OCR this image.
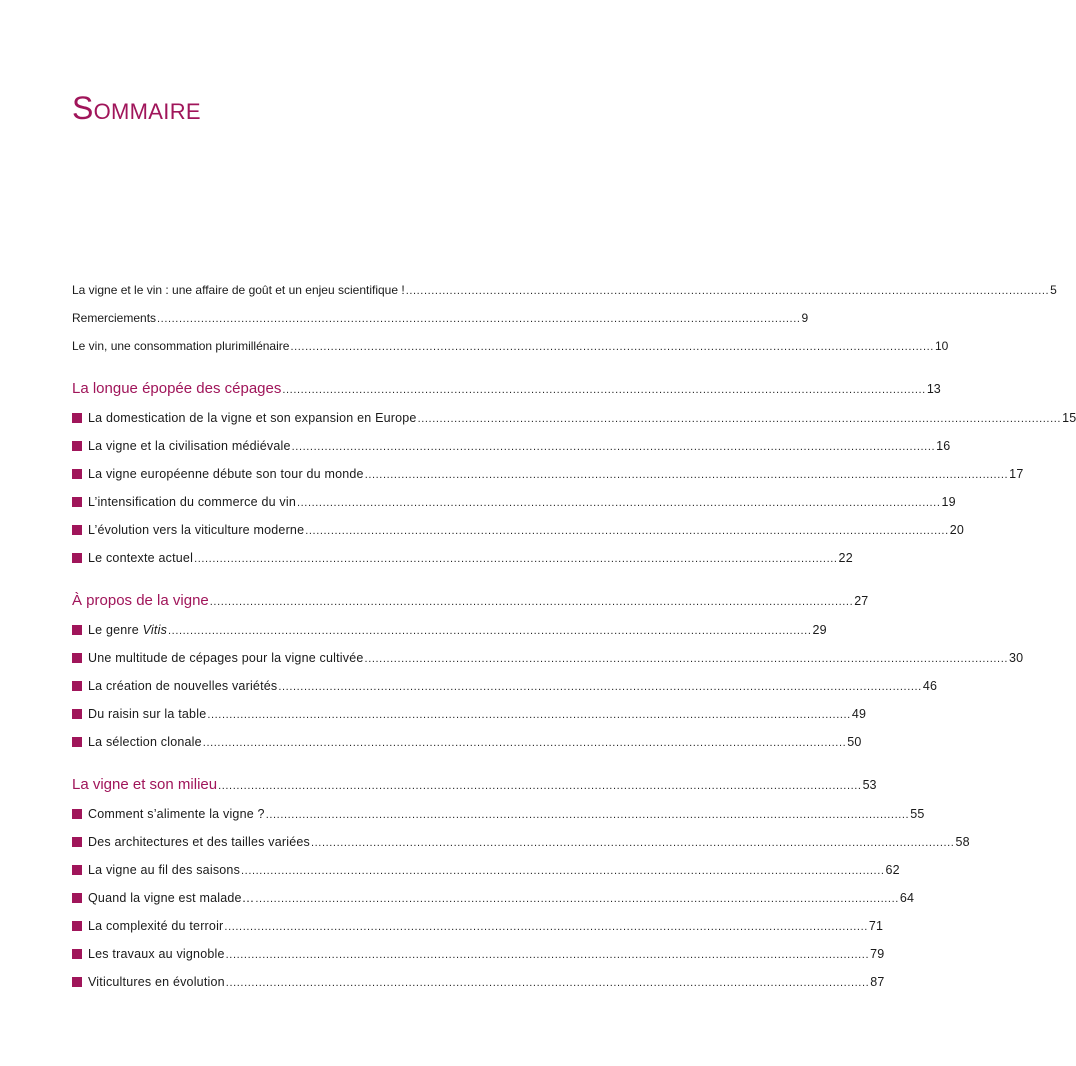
Sommaire
La vigne et le vin : une affaire de goût et un enjeu scientifique ! .....	5
Remerciements .....	9
Le vin, une consommation plurimillénaire .....	10
La longue épopée des cépages .....	13
La domestication de la vigne et son expansion en Europe .....	15
La vigne et la civilisation médiévale .....	16
La vigne européenne débute son tour du monde .....	17
L’intensification du commerce du vin .....	19
L’évolution vers la viticulture moderne .....	20
Le contexte actuel .....	22
À propos de la vigne .....	27
Le genre Vitis .....	29
Une multitude de cépages pour la vigne cultivée .....	30
La création de nouvelles variétés .....	46
Du raisin sur la table .....	49
La sélection clonale .....	50
La vigne et son milieu .....	53
Comment s’alimente la vigne ? .....	55
Des architectures et des tailles variées .....	58
La vigne au fil des saisons .....	62
Quand la vigne est malade… .....	64
La complexité du terroir .....	71
Les travaux au vignoble .....	79
Viticultures en évolution .....	87
